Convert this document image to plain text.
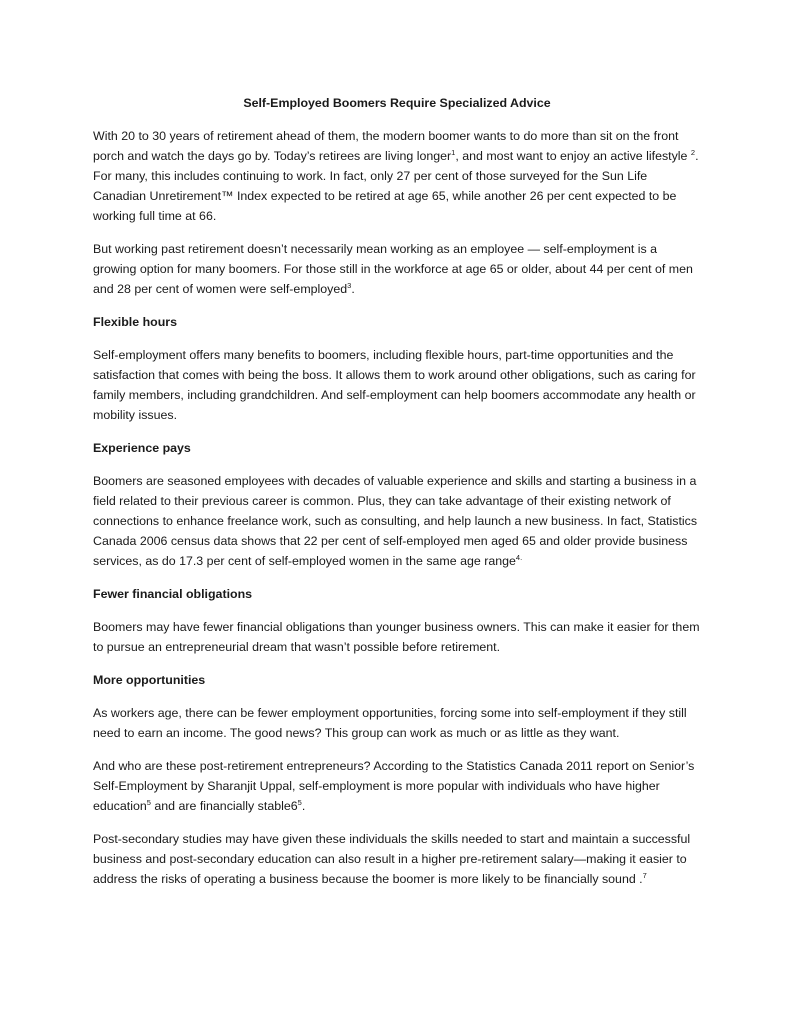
Self-Employed Boomers Require Specialized Advice

With 20 to 30 years of retirement ahead of them, the modern boomer wants to do more than sit on the front porch and watch the days go by. Today’s retirees are living longer$^1$, and most want to enjoy an active lifestyle $^2$. For many, this includes continuing to work. In fact, only 27 per cent of those surveyed for the Sun Life Canadian Unretirement™ Index expected to be retired at age 65, while another 26 per cent expected to be working full time at 66.

But working past retirement doesn’t necessarily mean working as an employee — self-employment is a growing option for many boomers. For those still in the workforce at age 65 or older, about 44 per cent of men and 28 per cent of women were self-employed$^3$.

Flexible hours

Self-employment offers many benefits to boomers, including flexible hours, part-time opportunities and the satisfaction that comes with being the boss. It allows them to work around other obligations, such as caring for family members, including grandchildren. And self-employment can help boomers accommodate any health or mobility issues.

Experience pays

Boomers are seasoned employees with decades of valuable experience and skills and starting a business in a field related to their previous career is common. Plus, they can take advantage of their existing network of connections to enhance freelance work, such as consulting, and help launch a new business. In fact, Statistics Canada 2006 census data shows that 22 per cent of self-employed men aged 65 and older provide business services, as do 17.3 per cent of self-employed women in the same age range$^{4.}$

Fewer financial obligations

Boomers may have fewer financial obligations than younger business owners. This can make it easier for them to pursue an entrepreneurial dream that wasn’t possible before retirement.

More opportunities

As workers age, there can be fewer employment opportunities, forcing some into self-employment if they still need to earn an income. The good news? This group can work as much or as little as they want.

And who are these post-retirement entrepreneurs? According to the Statistics Canada 2011 report on Senior’s Self-Employment by Sharanjit Uppal, self-employment is more popular with individuals who have higher education$^5$ and are financially $stable6^5$.

Post-secondary studies may have given these individuals the skills needed to start and maintain a successful business and post-secondary education can also result in a higher pre-retirement salary—making it easier to address the risks of operating a business because the boomer is more likely to be financially sound .$^7$
